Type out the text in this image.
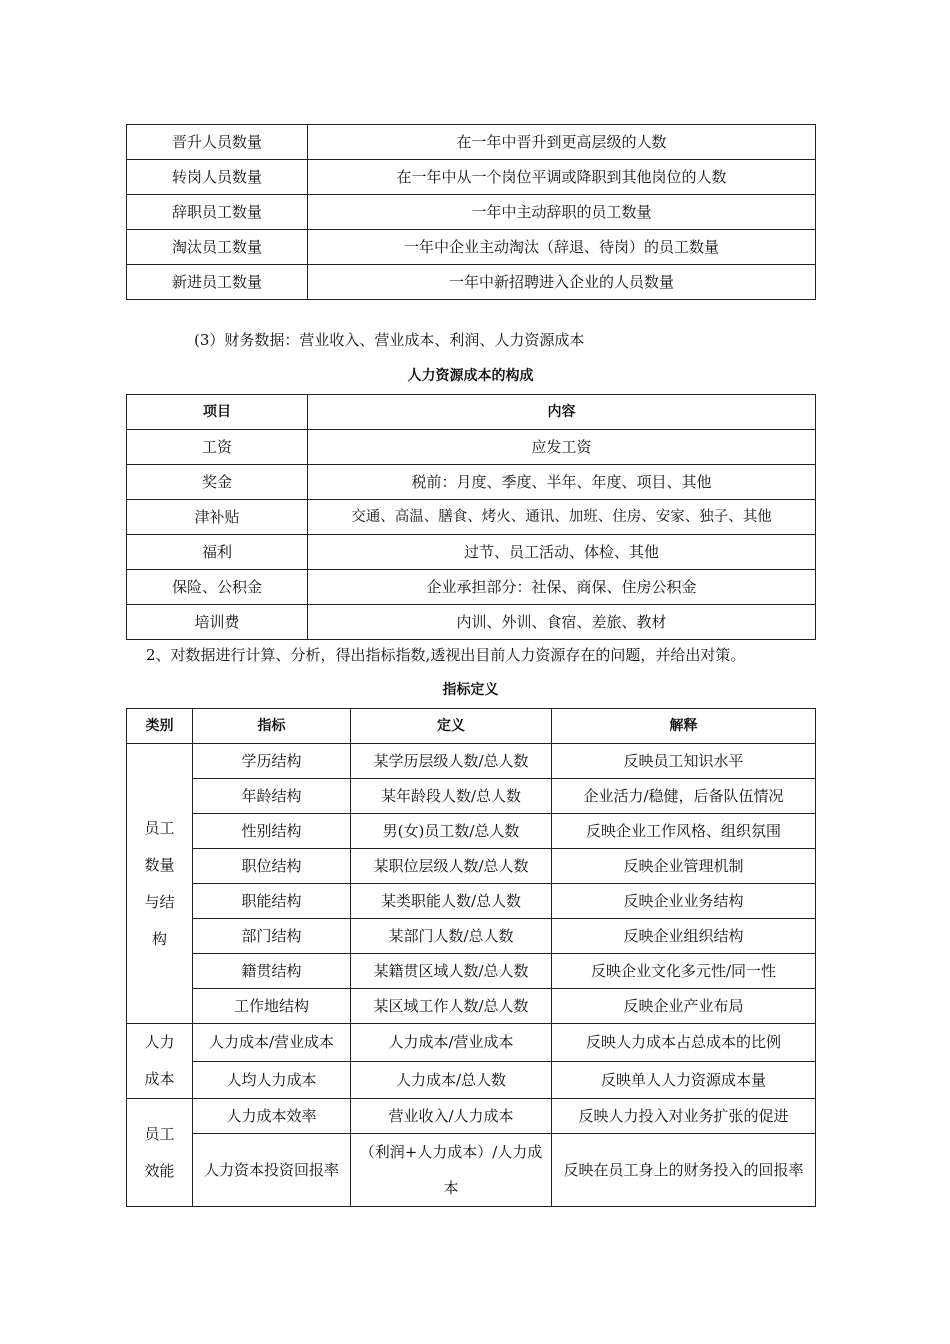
晋升人员数量	在一年中晋升到更高层级的人数
转岗人员数量	在一年中从一个岗位平调或降职到其他岗位的人数
辞职员工数量	一年中主动辞职的员工数量
淘汰员工数量	一年中企业主动淘汰（辞退、待岗）的员工数量
新进员工数量	一年中新招聘进入企业的人员数量
(3）财务数据：营业收入、营业成本、利润、人力资源成本
人力资源成本的构成
项目	内容
工资	应发工资
奖金	税前：月度、季度、半年、年度、项目、其他
津补贴	交通、高温、膳食、烤火、通讯、加班、住房、安家、独子、其他
福利	过节、员工活动、体检、其他
保险、公积金	企业承担部分：社保、商保、住房公积金
培训费	内训、外训、食宿、差旅、教材
2、对数据进行计算、分析，得出指标指数,透视出目前人力资源存在的问题，并给出对策。
指标定义
类别	指标	定义	解释
员工数量与结构	学历结构	某学历层级人数/总人数	反映员工知识水平
	年龄结构	某年龄段人数/总人数	企业活力/稳健，后备队伍情况
	性别结构	男(女)员工数/总人数	反映企业工作风格、组织氛围
	职位结构	某职位层级人数/总人数	反映企业管理机制
	职能结构	某类职能人数/总人数	反映企业业务结构
	部门结构	某部门人数/总人数	反映企业组织结构
	籍贯结构	某籍贯区域人数/总人数	反映企业文化多元性/同一性
	工作地结构	某区域工作人数/总人数	反映企业产业布局
人力成本	人力成本/营业成本	人力成本/营业成本	反映人力成本占总成本的比例
	人均人力成本	人力成本/总人数	反映单人人力资源成本量
员工效能	人力成本效率	营业收入/人力成本	反映人力投入对业务扩张的促进
	人力资本投资回报率	（利润+人力成本）/人力成本	反映在员工身上的财务投入的回报率
